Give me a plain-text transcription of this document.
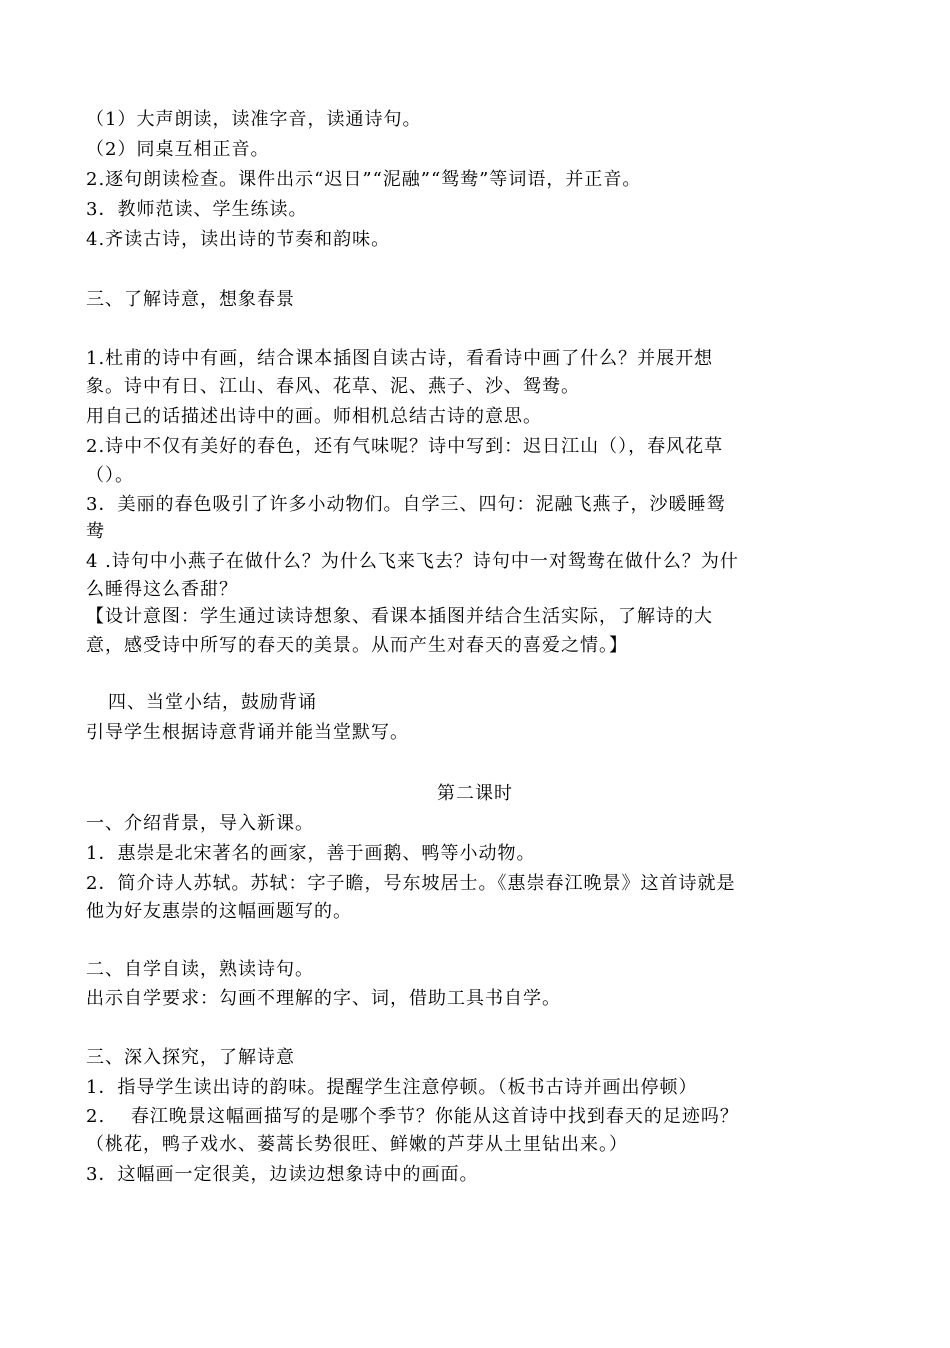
（1）大声朗读，读准字音，读通诗句。
（2）同桌互相正音。
2.逐句朗读检查。课件出示“迟日”“泥融”“鸳鸯”等词语，并正音。
3．教师范读、学生练读。
4.齐读古诗，读出诗的节奏和韵味。
三、了解诗意，想象春景
1.杜甫的诗中有画，结合课本插图自读古诗，看看诗中画了什么？并展开想
象。诗中有日、江山、春风、花草、泥、燕子、沙、鸳鸯。
用自己的话描述出诗中的画。师相机总结古诗的意思。
2.诗中不仅有美好的春色，还有气味呢？诗中写到：迟日江山（），春风花草
（）。
3．美丽的春色吸引了许多小动物们。自学三、四句：泥融飞燕子，沙暖睡鸳
鸯
4 .诗句中小燕子在做什么？为什么飞来飞去？诗句中一对鸳鸯在做什么？为什
么睡得这么香甜？
【设计意图：学生通过读诗想象、看课本插图并结合生活实际，了解诗的大
意，感受诗中所写的春天的美景。从而产生对春天的喜爱之情。】
四、当堂小结，鼓励背诵
引导学生根据诗意背诵并能当堂默写。
第二课时
一、介绍背景，导入新课。
1．惠崇是北宋著名的画家，善于画鹅、鸭等小动物。
2．简介诗人苏轼。苏轼：字子瞻，号东坡居士。《惠崇春江晚景》这首诗就是
他为好友惠崇的这幅画题写的。
二、自学自读，熟读诗句。
出示自学要求：勾画不理解的字、词，借助工具书自学。
三、深入探究，了解诗意
1．指导学生读出诗的韵味。提醒学生注意停顿。（板书古诗并画出停顿）
2.　 春江晚景这幅画描写的是哪个季节？你能从这首诗中找到春天的足迹吗？
（桃花，鸭子戏水、蒌蒿长势很旺、鲜嫩的芦芽从土里钻出来。）
3．这幅画一定很美，边读边想象诗中的画面。
